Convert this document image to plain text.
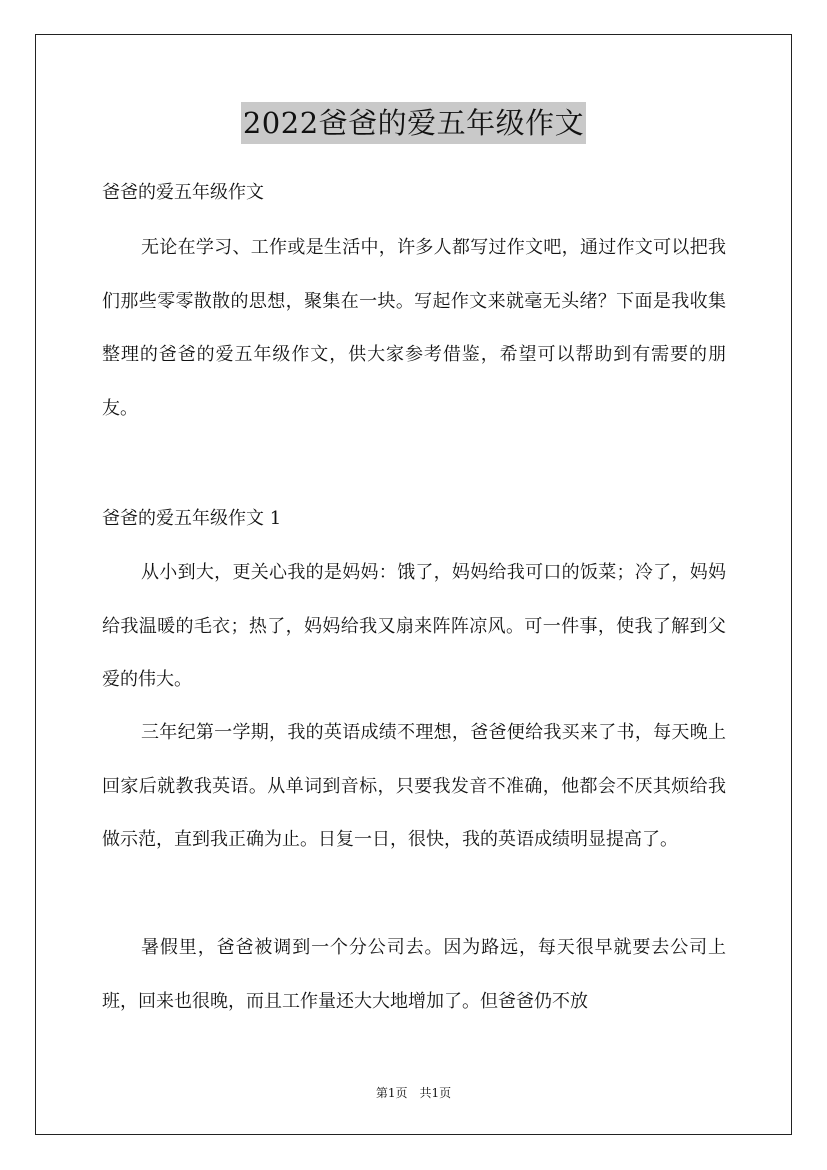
2022爸爸的爱五年级作文
爸爸的爱五年级作文

无论在学习、工作或是生活中，许多人都写过作文吧，通过作文可以把我们那些零零散散的思想，聚集在一块。写起作文来就毫无头绪？下面是我收集整理的爸爸的爱五年级作文，供大家参考借鉴，希望可以帮助到有需要的朋友。

爸爸的爱五年级作文 1

从小到大，更关心我的是妈妈：饿了，妈妈给我可口的饭菜；冷了，妈妈给我温暖的毛衣；热了，妈妈给我又扇来阵阵凉风。可一件事，使我了解到父爱的伟大。

三年纪第一学期，我的英语成绩不理想，爸爸便给我买来了书，每天晚上回家后就教我英语。从单词到音标，只要我发音不准确，他都会不厌其烦给我做示范，直到我正确为止。日复一日，很快，我的英语成绩明显提高了。

暑假里，爸爸被调到一个分公司去。因为路远，每天很早就要去公司上班，回来也很晚，而且工作量还大大地增加了。但爸爸仍不放

第1页　共1页
